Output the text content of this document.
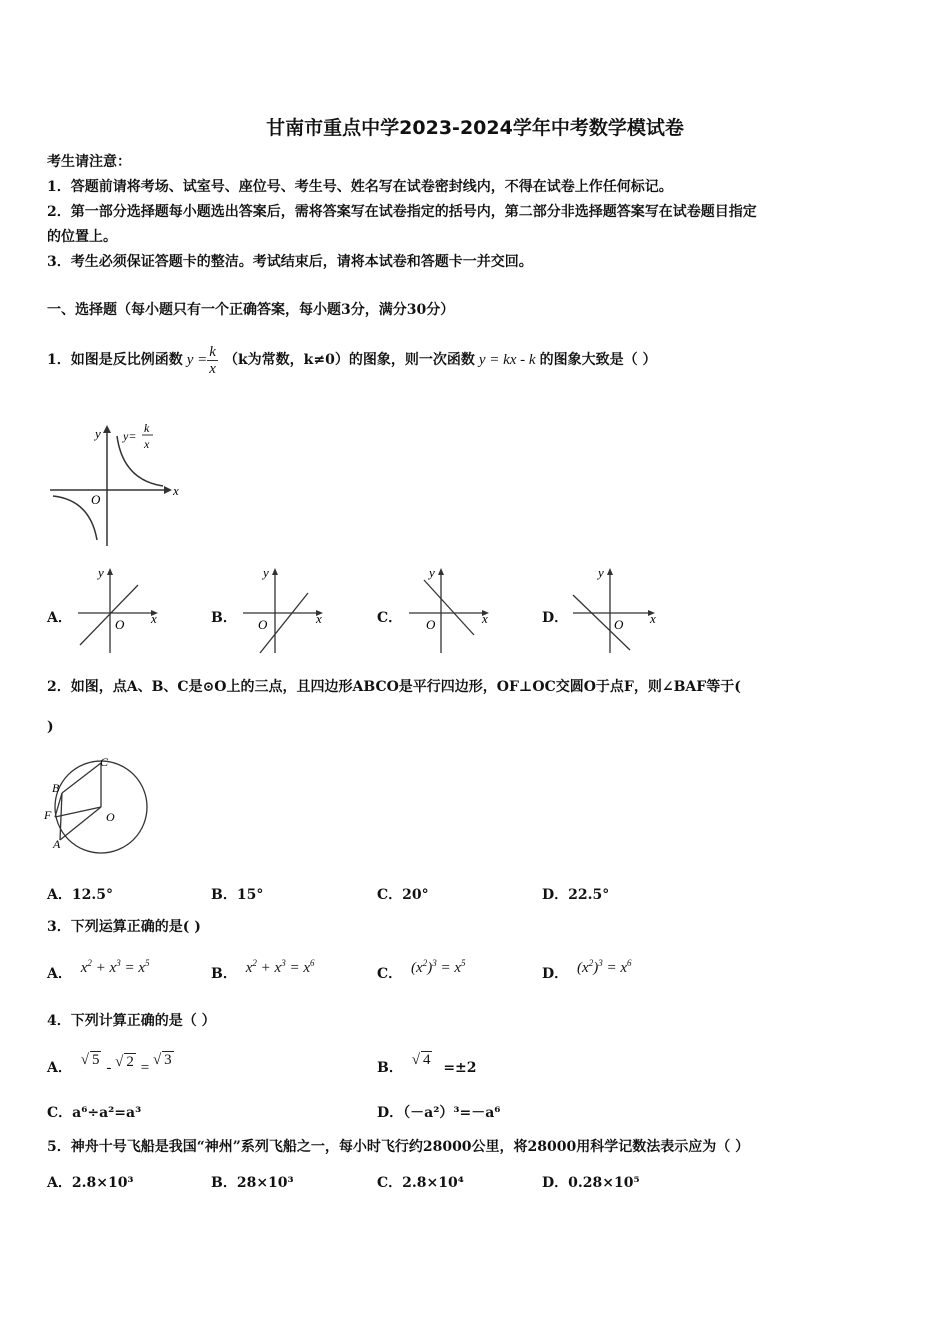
甘南市重点中学2023-2024学年中考数学模试卷
考生请注意：
1．答题前请将考场、试室号、座位号、考生号、姓名写在试卷密封线内，不得在试卷上作任何标记。
2．第一部分选择题每小题选出答案后，需将答案写在试卷指定的括号内，第二部分非选择题答案写在试卷题目指定
的位置上。
3．考生必须保证答题卡的整洁。考试结束后，请将本试卷和答题卡一并交回。
一、选择题（每小题只有一个正确答案，每小题3分，满分30分）
1．如图是反比例函数 $y = \frac{k}{x} (k$为常数，k≠0）的图象，则一次函数 y = kx - k 的图象大致是（ ）
x
y
O
y=
k
x
A．	x
y
O	B．	x
y
O	C．	x
y
O	D．	x
y
O
2．如图，点A、B、C是⊙O上的三点，且四边形ABCO是平行四边形，OF⊥OC交圆O于点F，则∠BAF等于(
)
C
B
F	O
A
A．12.5°	B．15°	C．20°	D．22.5°
3．下列运算正确的是( )
A． $x^2 + x^3 = x^5$
B． $x^2 + x^3 = x^6$
C． $(x^2)^3 = x^5$
D． $(x^2)^3 = x^6$
4．下列计算正确的是（ ）
A． √ 5 - √ 2 = √ 3	B． √ 4 =±2
C．a⁶÷a²=a³	D．（－a²）³=－a⁶
5．神舟十号飞船是我国“神州”系列飞船之一，每小时飞行约28000公里，将28000用科学记数法表示应为（ ）
A．2.8×10³	B．28×10³	C．2.8×10⁴	D．0.28×10⁵
